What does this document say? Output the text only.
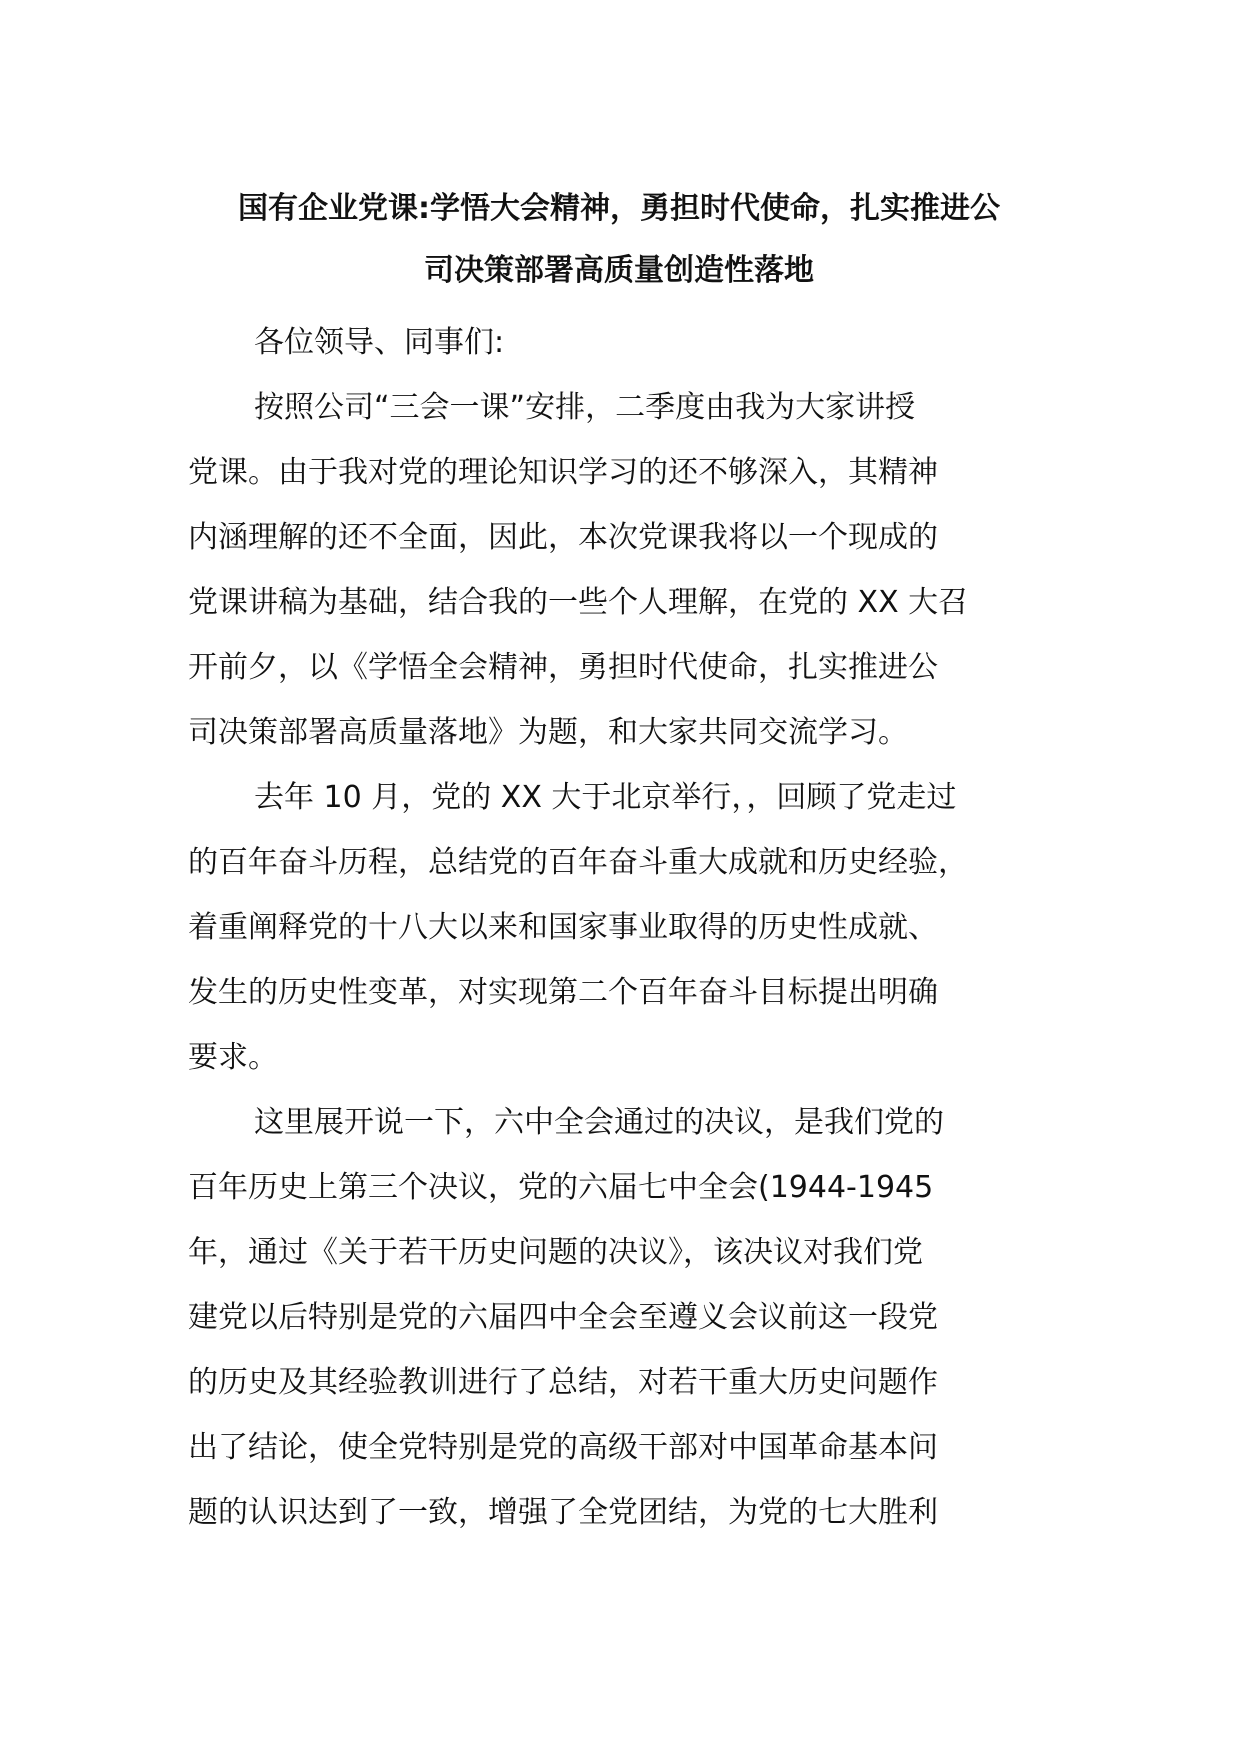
国有企业党课:学悟大会精神，勇担时代使命，扎实推进公
司决策部署高质量创造性落地

各位领导、同事们:

按照公司“三会一课”安排，二季度由我为大家讲授
党课。由于我对党的理论知识学习的还不够深入，其精神
内涵理解的还不全面，因此，本次党课我将以一个现成的
党课讲稿为基础，结合我的一些个人理解，在党的 XX 大召
开前夕，以《学悟全会精神，勇担时代使命，扎实推进公
司决策部署高质量落地》为题，和大家共同交流学习。

去年 10 月，党的 XX 大于北京举行，，回顾了党走过
的百年奋斗历程，总结党的百年奋斗重大成就和历史经验，
着重阐释党的十八大以来和国家事业取得的历史性成就、
发生的历史性变革，对实现第二个百年奋斗目标提出明确
要求。

这里展开说一下，六中全会通过的决议，是我们党的
百年历史上第三个决议，党的六届七中全会(1944-1945
年，通过《关于若干历史问题的决议》，该决议对我们党
建党以后特别是党的六届四中全会至遵义会议前这一段党
的历史及其经验教训进行了总结，对若干重大历史问题作
出了结论，使全党特别是党的高级干部对中国革命基本问
题的认识达到了一致，增强了全党团结，为党的七大胜利
